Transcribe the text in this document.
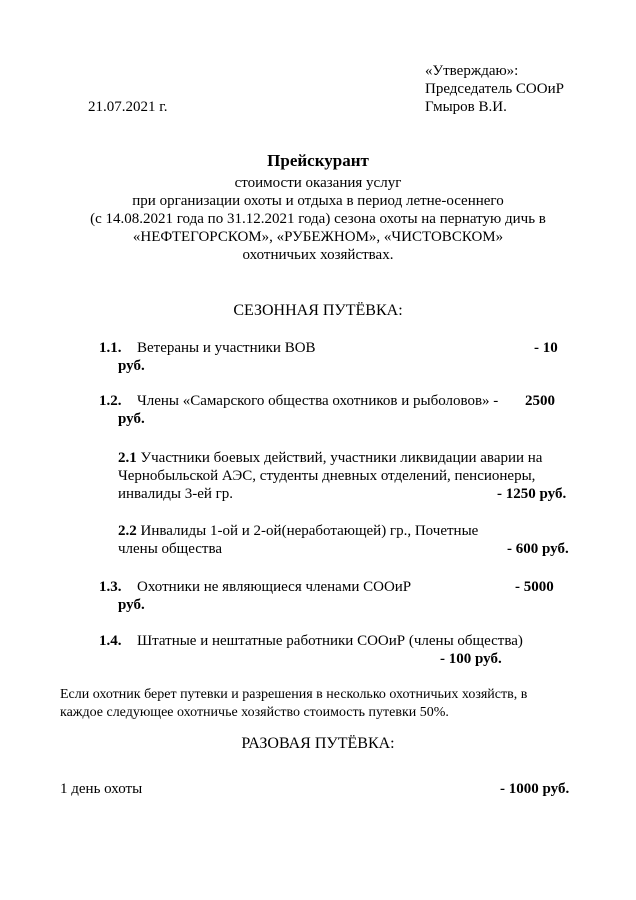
«Утверждаю»:
Председатель СООиР
Гмыров В.И.
21.07.2021 г.
Прейскурант
стоимости оказания услуг
при организации охоты и отдыха в период летне-осеннего
(с 14.08.2021 года по 31.12.2021 года) сезона охоты на пернатую дичь в
«НЕФТЕГОРСКОМ», «РУБЕЖНОМ», «ЧИСТОВСКОМ»
охотничьих хозяйствах.
СЕЗОННАЯ ПУТЁВКА:
1.1. Ветераны и участники ВОВ	- 10
руб.
1.2. Члены «Самарского общества охотников и рыболовов» - 2500
руб.
2.1 Участники боевых действий, участники ликвидации аварии на
Чернобыльской АЭС, студенты дневных отделений, пенсионеры,
инвалиды 3-ей гр.	- 1250 руб.
2.2 Инвалиды 1-ой и 2-ой(неработающей) гр., Почетные
члены общества	- 600 руб.
1.3. Охотники не являющиеся членами СООиР	- 5000
руб.
1.4. Штатные и нештатные работники СООиР (члены общества)
- 100 руб.
Если охотник берет путевки и разрешения в несколько охотничьих хозяйств, в
каждое следующее охотничье хозяйство стоимость путевки 50%.
РАЗОВАЯ ПУТЁВКА:
1 день охоты	- 1000 руб.
